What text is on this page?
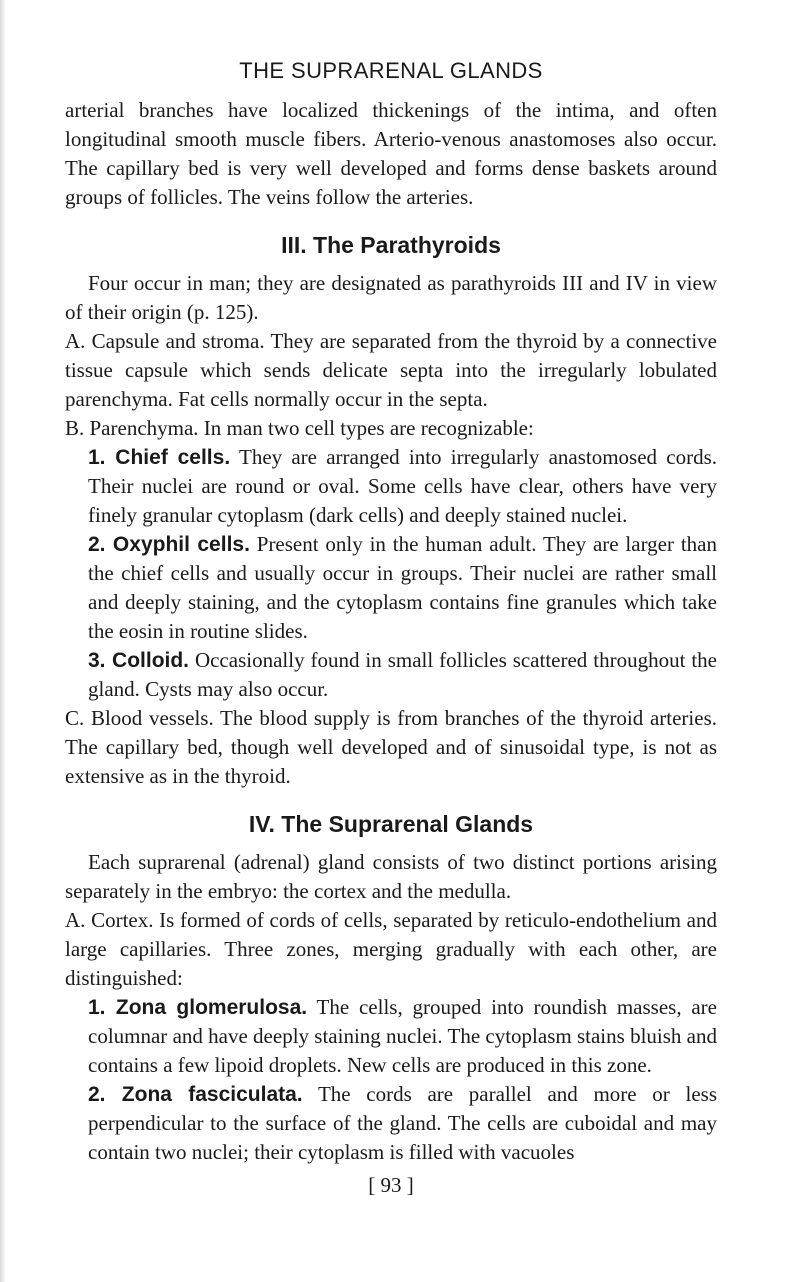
THE SUPRARENAL GLANDS

arterial branches have localized thickenings of the intima, and often longitudinal smooth muscle fibers. Arterio-venous anastomoses also occur. The capillary bed is very well developed and forms dense baskets around groups of follicles. The veins follow the arteries.

III. The Parathyroids

Four occur in man; they are designated as parathyroids III and IV in view of their origin (p. 125).

A. Capsule and stroma. They are separated from the thyroid by a connective tissue capsule which sends delicate septa into the irregularly lobulated parenchyma. Fat cells normally occur in the septa.

B. Parenchyma. In man two cell types are recognizable:

1. Chief cells. They are arranged into irregularly anastomosed cords. Their nuclei are round or oval. Some cells have clear, others have very finely granular cytoplasm (dark cells) and deeply stained nuclei.

2. Oxyphil cells. Present only in the human adult. They are larger than the chief cells and usually occur in groups. Their nuclei are rather small and deeply staining, and the cytoplasm contains fine granules which take the eosin in routine slides.

3. Colloid. Occasionally found in small follicles scattered throughout the gland. Cysts may also occur.

C. Blood vessels. The blood supply is from branches of the thyroid arteries. The capillary bed, though well developed and of sinusoidal type, is not as extensive as in the thyroid.

IV. The Suprarenal Glands

Each suprarenal (adrenal) gland consists of two distinct portions arising separately in the embryo: the cortex and the medulla.

A. Cortex. Is formed of cords of cells, separated by reticulo-endothelium and large capillaries. Three zones, merging gradually with each other, are distinguished:

1. Zona glomerulosa. The cells, grouped into roundish masses, are columnar and have deeply staining nuclei. The cytoplasm stains bluish and contains a few lipoid droplets. New cells are produced in this zone.

2. Zona fasciculata. The cords are parallel and more or less perpendicular to the surface of the gland. The cells are cuboidal and may contain two nuclei; their cytoplasm is filled with vacuoles

[ 93 ]
